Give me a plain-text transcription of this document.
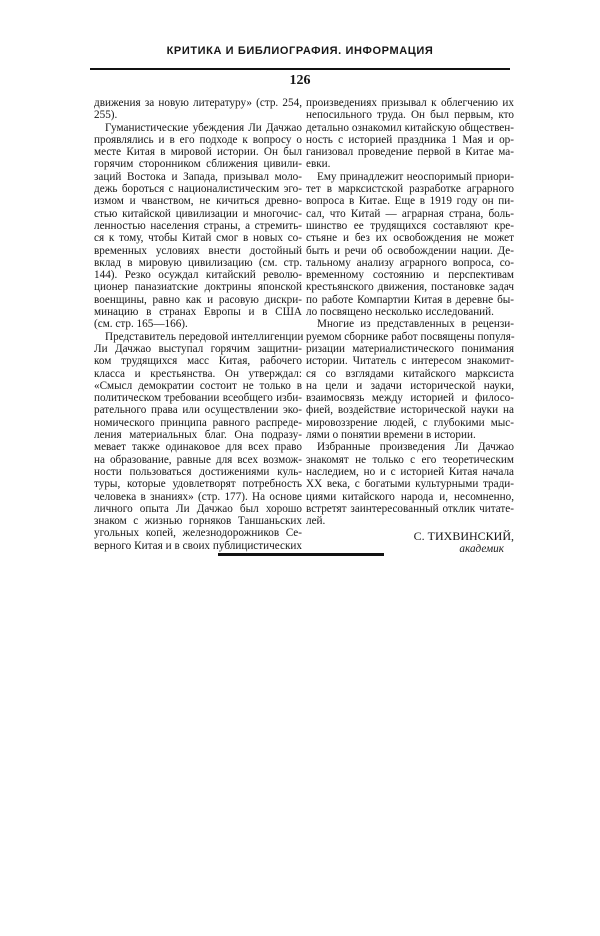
КРИТИКА И БИБЛИОГРАФИЯ. ИНФОРМАЦИЯ
126
движения за новую литературу» (стр. 254,
255).
Гуманистические убеждения Ли Дачжао
проявлялись и в его подходе к вопросу о
месте Китая в мировой истории. Он был
горячим сторонником сближения цивили-
заций Востока и Запада, призывал моло-
дежь бороться с националистическим эго-
измом и чванством, не кичиться древно-
стью китайской цивилизации и многочис-
ленностью населения страны, а стремить-
ся к тому, чтобы Китай смог в новых со-
временных условиях внести достойный
вклад в мировую цивилизацию (см. стр.
144). Резко осуждал китайский револю-
ционер паназиатские доктрины японской
военщины, равно как и расовую дискри-
минацию в странах Европы и в США
(см. стр. 165—166).
Представитель передовой интеллигенции
Ли Дачжао выступал горячим защитни-
ком трудящихся масс Китая, рабочего
класса и крестьянства. Он утверждал:
«Смысл демократии состоит не только в
политическом требовании всеобщего изби-
рательного права или осуществлении эко-
номического принципа равного распреде-
ления материальных благ. Она подразу-
мевает также одинаковое для всех право
на образование, равные для всех возмож-
ности пользоваться достижениями куль-
туры, которые удовлетворят потребность
человека в знаниях» (стр. 177). На основе
личного опыта Ли Дачжао был хорошо
знаком с жизнью горняков Таншаньских
угольных копей, железнодорожников Се-
верного Китая и в своих публицистических
произведениях призывал к облегчению их
непосильного труда. Он был первым, кто
детально ознакомил китайскую обществен-
ность с историей праздника 1 Мая и ор-
ганизовал проведение первой в Китае ма-
евки.
Ему принадлежит неоспоримый приори-
тет в марксистской разработке аграрного
вопроса в Китае. Еще в 1919 году он пи-
сал, что Китай — аграрная страна, боль-
шинство ее трудящихся составляют кре-
стьяне и без их освобождения не может
быть и речи об освобождении нации. Де-
тальному анализу аграрного вопроса, со-
временному состоянию и перспективам
крестьянского движения, постановке задач
по работе Компартии Китая в деревне бы-
ло посвящено несколько исследований.
Многие из представленных в рецензи-
руемом сборнике работ посвящены популя-
ризации материалистического понимания
истории. Читатель с интересом знакомит-
ся со взглядами китайского марксиста
на цели и задачи исторической науки,
взаимосвязь между историей и филосо-
фией, воздействие исторической науки на
мировоззрение людей, с глубокими мыс-
лями о понятии времени в истории.
Избранные произведения Ли Дачжао
знакомят не только с его теоретическим
наследием, но и с историей Китая начала
XX века, с богатыми культурными тради-
циями китайского народа и, несомненно,
встретят заинтересованный отклик читате-
лей.
С. ТИХВИНСКИЙ,
академик
